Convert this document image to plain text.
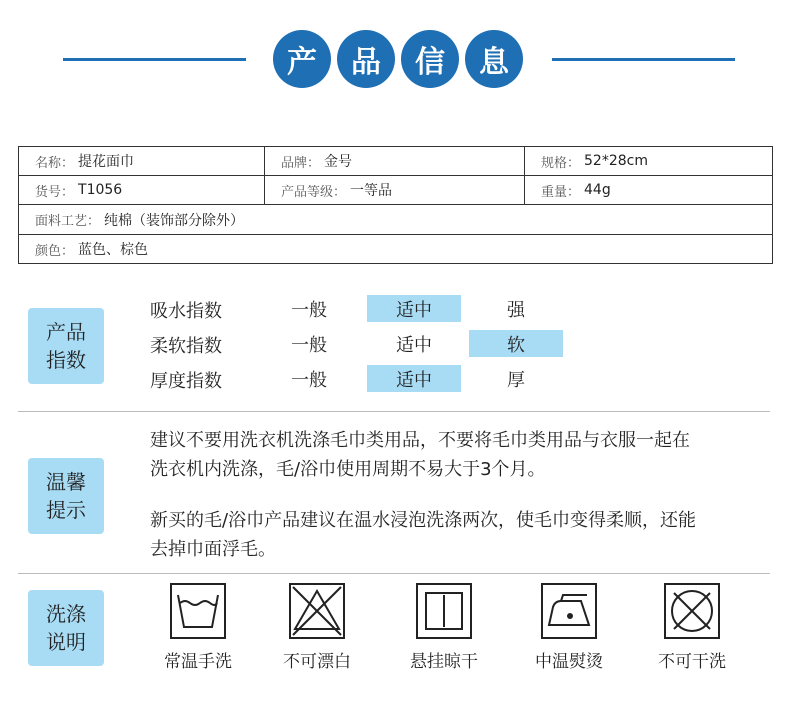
产	品	信	息
名称： 提花面巾	品牌： 金号	规格： 52*28cm
货号： T1056	产品等级： 一等品	重量： 44g
面料工艺： 纯棉（装饰部分除外）
颜色： 蓝色、棕色
产品
指数
吸水指数	一般	适中	强
柔软指数	一般	适中	软
厚度指数	一般	适中	厚
温馨
提示
建议不要用洗衣机洗涤毛巾类用品，不要将毛巾类用品与衣服一起在
洗衣机内洗涤，毛/浴巾使用周期不易大于3个月。
新买的毛/浴巾产品建议在温水浸泡洗涤两次，使毛巾变得柔顺，还能
去掉巾面浮毛。
洗涤
说明
常温手洗	不可漂白	悬挂晾干	中温熨烫	不可干洗
